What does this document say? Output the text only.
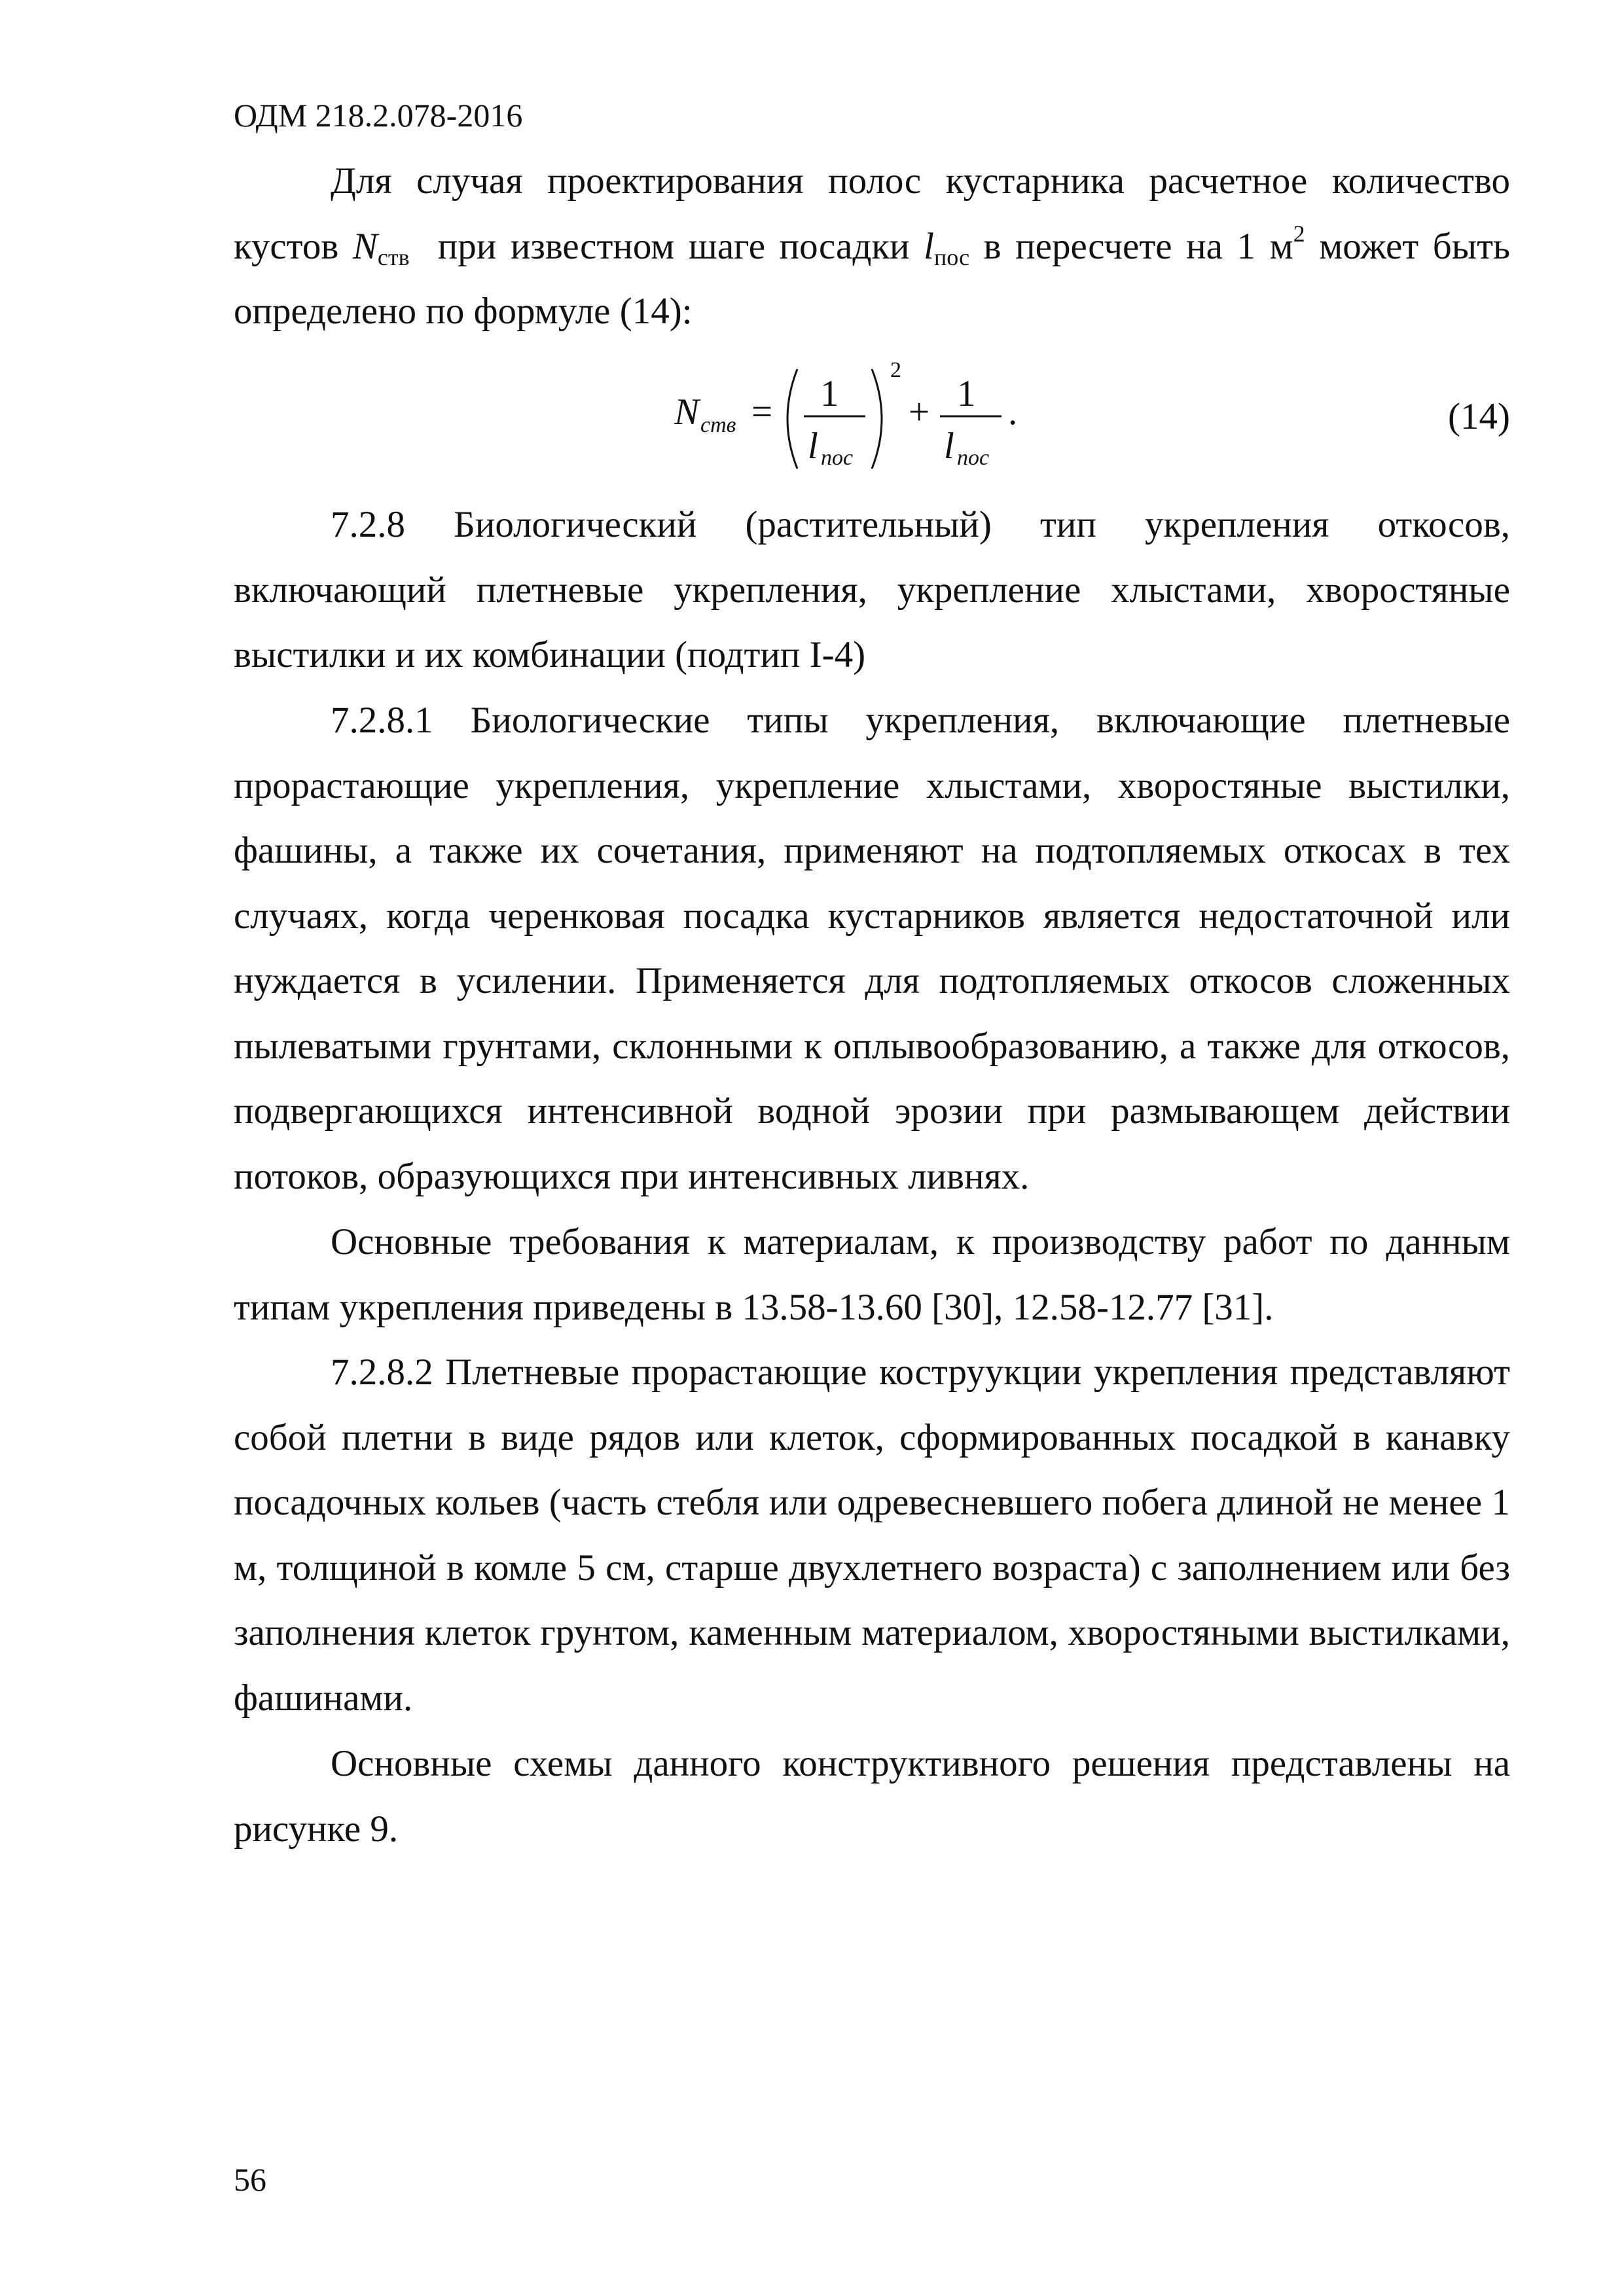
ОДМ 218.2.078-2016
Для случая проектирования полос кустарника расчетное количество кустов $N_{ств}$  при известном шаге посадки $l_{пос}$ в пересчете на 1 $м^2$ может быть определено по формуле (14):
N ств = 1
l пос
2
+ 1
l пос
.	(14)
7.2.8 Биологический (растительный) тип укрепления откосов, включающий плетневые укрепления, укрепление хлыстами, хворостяные выстилки и их комбинации (подтип I-4)
7.2.8.1 Биологические типы укрепления, включающие плетневые прорастающие укрепления, укрепление хлыстами, хворостяные выстилки, фашины, а также их сочетания, применяют на подтопляемых откосах в тех случаях, когда черенковая посадка кустарников является недостаточной или нуждается в усилении. Применяется для подтопляемых откосов сложенных пылеватыми грунтами, склонными к оплывообразованию, а также для откосов, подвергающихся интенсивной водной эрозии при размывающем действии потоков, образующихся при интенсивных ливнях.
Основные требования к материалам, к производству работ по данным типам укрепления приведены в 13.58-13.60 [30], 12.58-12.77 [31].
7.2.8.2 Плетневые прорастающие коструукции укрепления представляют собой плетни в виде рядов или клеток, сформированных посадкой в канавку посадочных кольев (часть стебля или одревесневшего побега длиной не менее 1 м, толщиной в комле 5 см, старше двухлетнего возраста) с заполнением или без заполнения клеток грунтом, каменным материалом, хворостяными выстилками, фашинами.
Основные схемы данного конструктивного решения представлены на рисунке 9.
56
